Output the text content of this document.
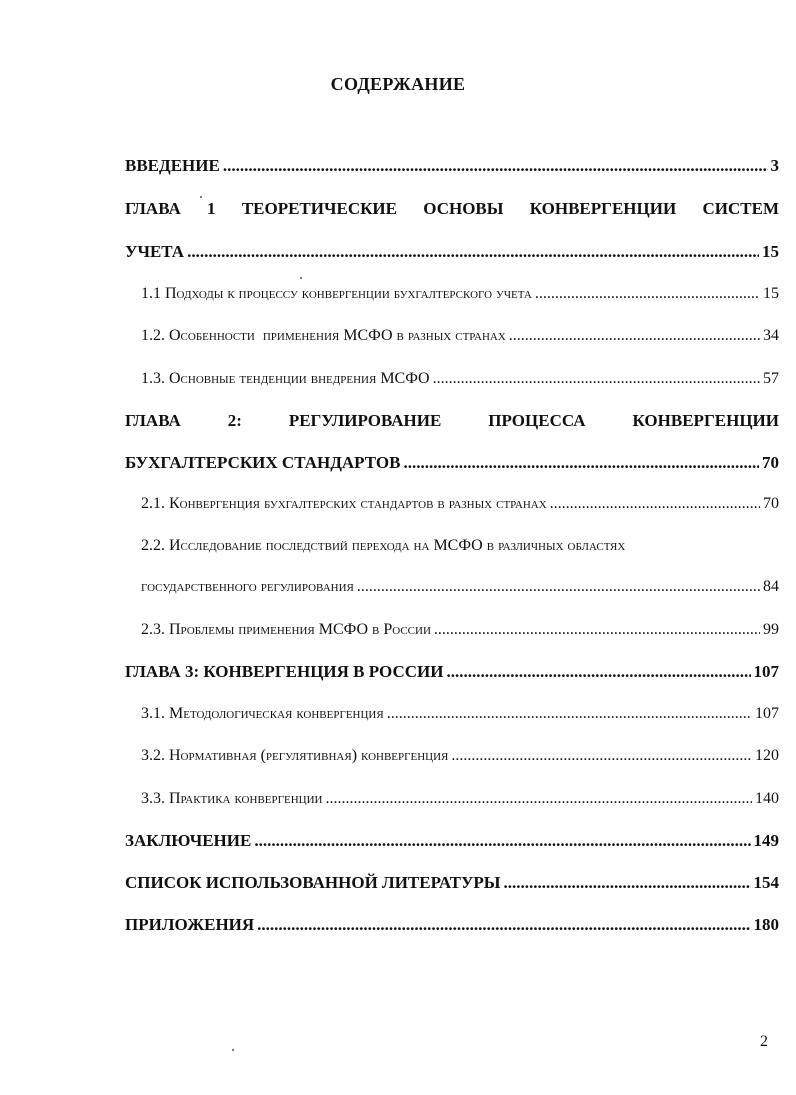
СОДЕРЖАНИЕ
ВВЕДЕНИЕ .....	3
ГЛАВА 1 ТЕОРЕТИЧЕСКИЕ ОСНОВЫ КОНВЕРГЕНЦИИ СИСТЕМ
УЧЕТА .....	15
1.1 Подходы к процессу конвергенции бухгалтерского учета .....	15
1.2. Особенности  применения МСФО в разных странах .....	34
1.3. Основные тенденции внедрения МСФО .....	57
ГЛАВА	2:	РЕГУЛИРОВАНИЕ	ПРОЦЕССА	КОНВЕРГЕНЦИИ
БУХГАЛТЕРСКИХ СТАНДАРТОВ .....	70
2.1. Конвергенция бухгалтерских стандартов в разных странах .....	70
2.2. Исследование последствий перехода на МСФО в различных областях
государственного регулирования .....	84
2.3. Проблемы применения МСФО в России .....	99
ГЛАВА 3: КОНВЕРГЕНЦИЯ В РОССИИ .....	107
3.1. Методологическая конвергенция .....	107
3.2. Нормативная (регулятивная) конвергенция .....	120
3.3. Практика конвергенции .....	140
ЗАКЛЮЧЕНИЕ .....	149
СПИСОК ИСПОЛЬЗОВАННОЙ ЛИТЕРАТУРЫ .....	154
ПРИЛОЖЕНИЯ .....	180
2
